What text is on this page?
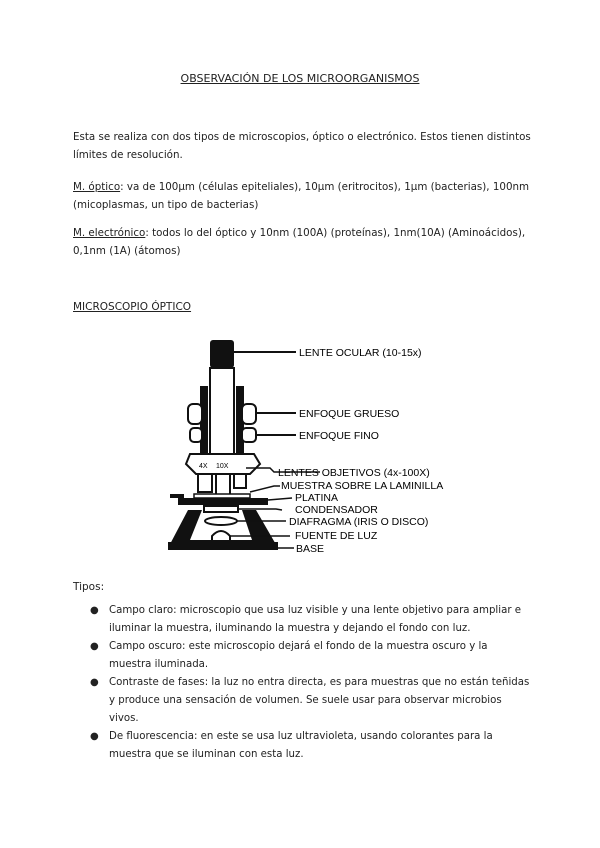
OBSERVACIÓN DE LOS MICROORGANISMOS
Esta se realiza con dos tipos de microscopios, óptico o electrónico. Estos tienen distintos límites de resolución.
M. óptico: va de 100µm (células epiteliales), 10µm (eritrocitos), 1µm (bacterias), 100nm (micoplasmas, un tipo de bacterias)
M. electrónico: todos lo del óptico y 10nm (100A) (proteínas), 1nm(10A) (Aminoácidos), 0,1nm (1A) (átomos)
MICROSCOPIO ÓPTICO
4X 10X
LENTE OCULAR (10-15x)
ENFOQUE GRUESO
ENFOQUE FINO
LENTES OBJETIVOS (4x-100X)
MUESTRA SOBRE LA LAMINILLA
PLATINA
CONDENSADOR
DIAFRAGMA (IRIS O DISCO)
FUENTE DE LUZ
BASE
Tipos:
● Campo claro: microscopio que usa luz visible y una lente objetivo para ampliar e iluminar la muestra, iluminando la muestra y dejando el fondo con luz.
● Campo oscuro: este microscopio dejará el fondo de la muestra oscuro y la muestra iluminada.
● Contraste de fases: la luz no entra directa, es para muestras que no están teñidas y produce una sensación de volumen. Se suele usar para observar microbios vivos.
● De fluorescencia: en este se usa luz ultravioleta, usando colorantes para la muestra que se iluminan con esta luz.
